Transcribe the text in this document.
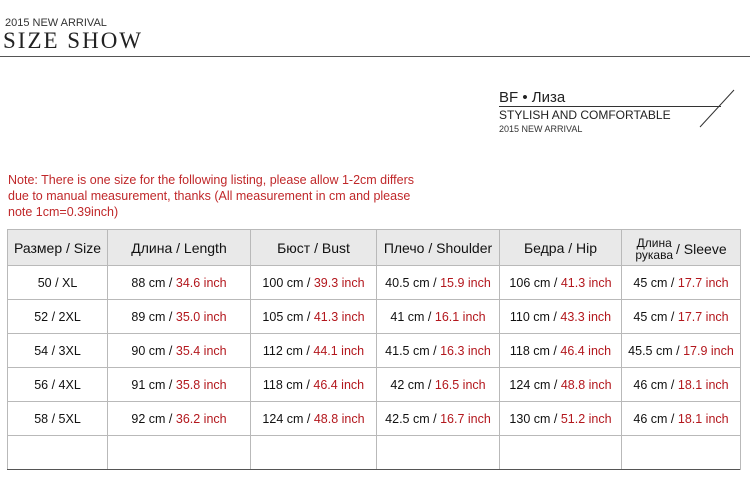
2015 NEW ARRIVAL
SIZE SHOW
BF • Лиза
STYLISH AND COMFORTABLE
2015 NEW ARRIVAL
Note: There is one size for the following listing, please allow 1-2cm differs due to manual measurement, thanks (All measurement in cm and please note 1cm=0.39inch)
Размер / Size	Длина / Length	Бюст / Bust	Плечо / Shoulder	Бедра / Hip	Длина
рукава / Sleeve

50 / XL	88 cm / 34.6 inch	100 cm / 39.3 inch	40.5 cm / 15.9 inch	106 cm / 41.3 inch	45 cm / 17.7 inch
52 / 2XL	89 cm / 35.0 inch	105 cm / 41.3 inch	41 cm / 16.1 inch	110 cm / 43.3 inch	45 cm / 17.7 inch
54 / 3XL	90 cm / 35.4 inch	112 cm / 44.1 inch	41.5 cm / 16.3 inch	118 cm / 46.4 inch	45.5 cm / 17.9 inch
56 / 4XL	91 cm / 35.8 inch	118 cm / 46.4 inch	42 cm / 16.5 inch	124 cm / 48.8 inch	46 cm / 18.1 inch
58 / 5XL	92 cm / 36.2 inch	124 cm / 48.8 inch	42.5 cm / 16.7 inch	130 cm / 51.2 inch	46 cm / 18.1 inch
